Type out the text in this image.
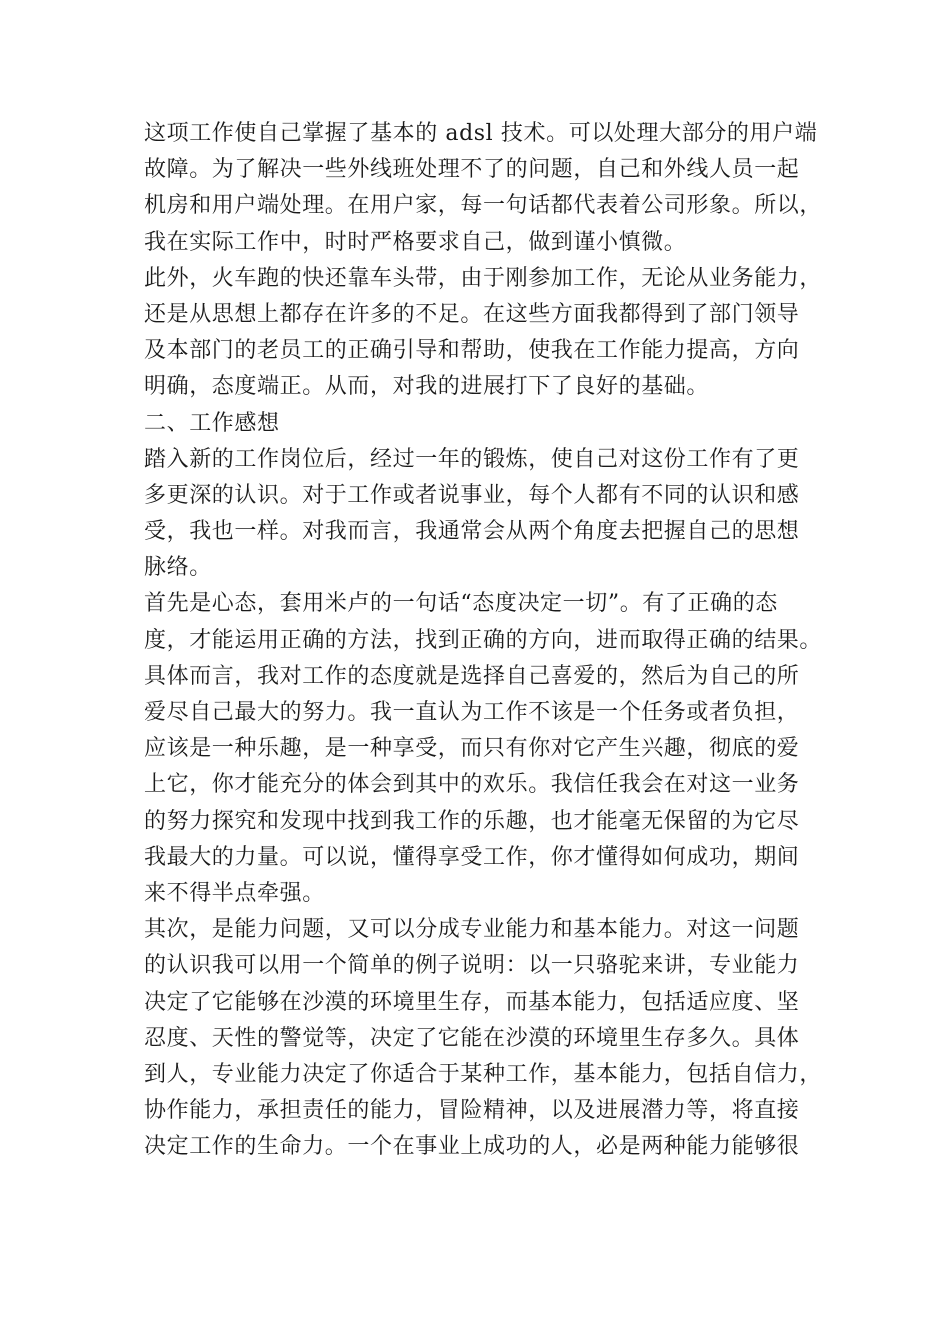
这项工作使自己掌握了基本的 adsl 技术。可以处理大部分的用户端
故障。为了解决一些外线班处理不了的问题，自己和外线人员一起
机房和用户端处理。在用户家，每一句话都代表着公司形象。所以，
我在实际工作中，时时严格要求自己，做到谨小慎微。
此外，火车跑的快还靠车头带，由于刚参加工作，无论从业务能力，
还是从思想上都存在许多的不足。在这些方面我都得到了部门领导
及本部门的老员工的正确引导和帮助，使我在工作能力提高，方向
明确，态度端正。从而，对我的进展打下了良好的基础。
二、工作感想
踏入新的工作岗位后，经过一年的锻炼，使自己对这份工作有了更
多更深的认识。对于工作或者说事业，每个人都有不同的认识和感
受，我也一样。对我而言，我通常会从两个角度去把握自己的思想
脉络。
首先是心态，套用米卢的一句话“态度决定一切”。有了正确的态
度，才能运用正确的方法，找到正确的方向，进而取得正确的结果。
具体而言，我对工作的态度就是选择自己喜爱的，然后为自己的所
爱尽自己最大的努力。我一直认为工作不该是一个任务或者负担，
应该是一种乐趣，是一种享受，而只有你对它产生兴趣，彻底的爱
上它，你才能充分的体会到其中的欢乐。我信任我会在对这一业务
的努力探究和发现中找到我工作的乐趣，也才能毫无保留的为它尽
我最大的力量。可以说，懂得享受工作，你才懂得如何成功，期间
来不得半点牵强。
其次，是能力问题，又可以分成专业能力和基本能力。对这一问题
的认识我可以用一个简单的例子说明：以一只骆驼来讲，专业能力
决定了它能够在沙漠的环境里生存，而基本能力，包括适应度、坚
忍度、天性的警觉等，决定了它能在沙漠的环境里生存多久。具体
到人，专业能力决定了你适合于某种工作，基本能力，包括自信力，
协作能力，承担责任的能力，冒险精神，以及进展潜力等，将直接
决定工作的生命力。一个在事业上成功的人，必是两种能力能够很
